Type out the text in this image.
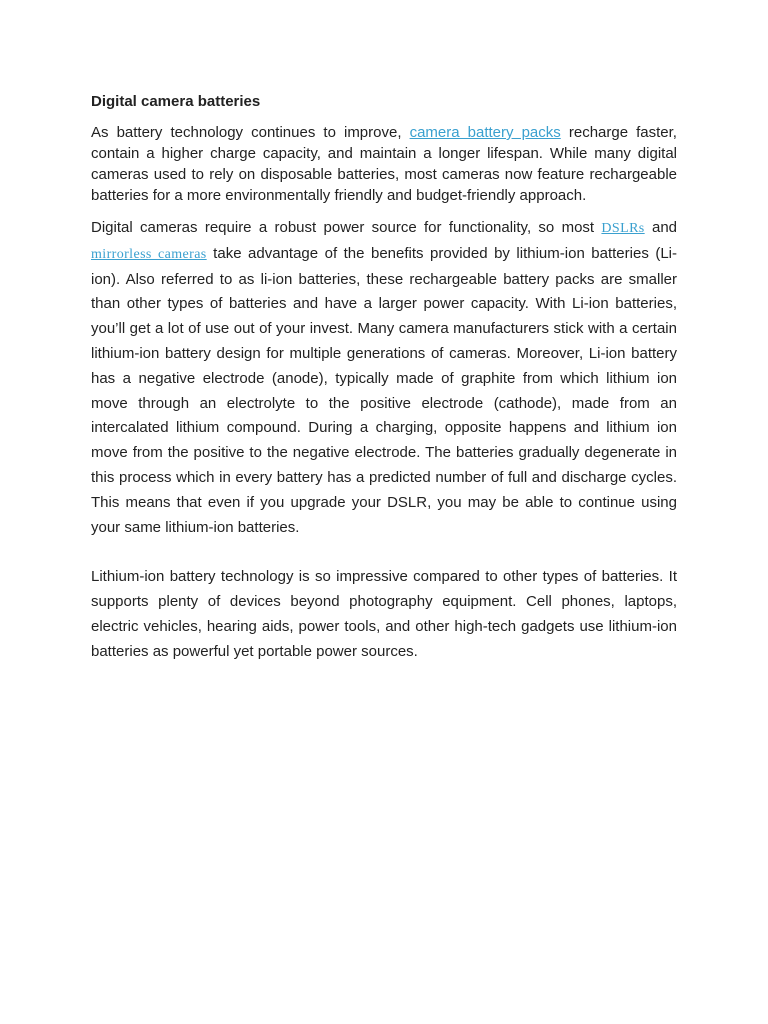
Digital camera batteries

As battery technology continues to improve, camera battery packs recharge faster, contain a higher charge capacity, and maintain a longer lifespan. While many digital cameras used to rely on disposable batteries, most cameras now feature rechargeable batteries for a more environmentally friendly and budget-friendly approach.

Digital cameras require a robust power source for functionality, so most DSLRs and mirrorless cameras take advantage of the benefits provided by lithium-ion batteries (Li-ion). Also referred to as li-ion batteries, these rechargeable battery packs are smaller than other types of batteries and have a larger power capacity. With Li-ion batteries, you’ll get a lot of use out of your invest. Many camera manufacturers stick with a certain lithium-ion battery design for multiple generations of cameras. Moreover, Li-ion battery has a negative electrode (anode), typically made of graphite from which lithium ion move through an electrolyte to the positive electrode (cathode), made from an intercalated lithium compound. During a charging, opposite happens and lithium ion move from the positive to the negative electrode. The batteries gradually degenerate in this process which in every battery has a predicted number of full and discharge cycles. This means that even if you upgrade your DSLR, you may be able to continue using your same lithium-ion batteries.

Lithium-ion battery technology is so impressive compared to other types of batteries. It supports plenty of devices beyond photography equipment. Cell phones, laptops, electric vehicles, hearing aids, power tools, and other high-tech gadgets use lithium-ion batteries as powerful yet portable power sources.
